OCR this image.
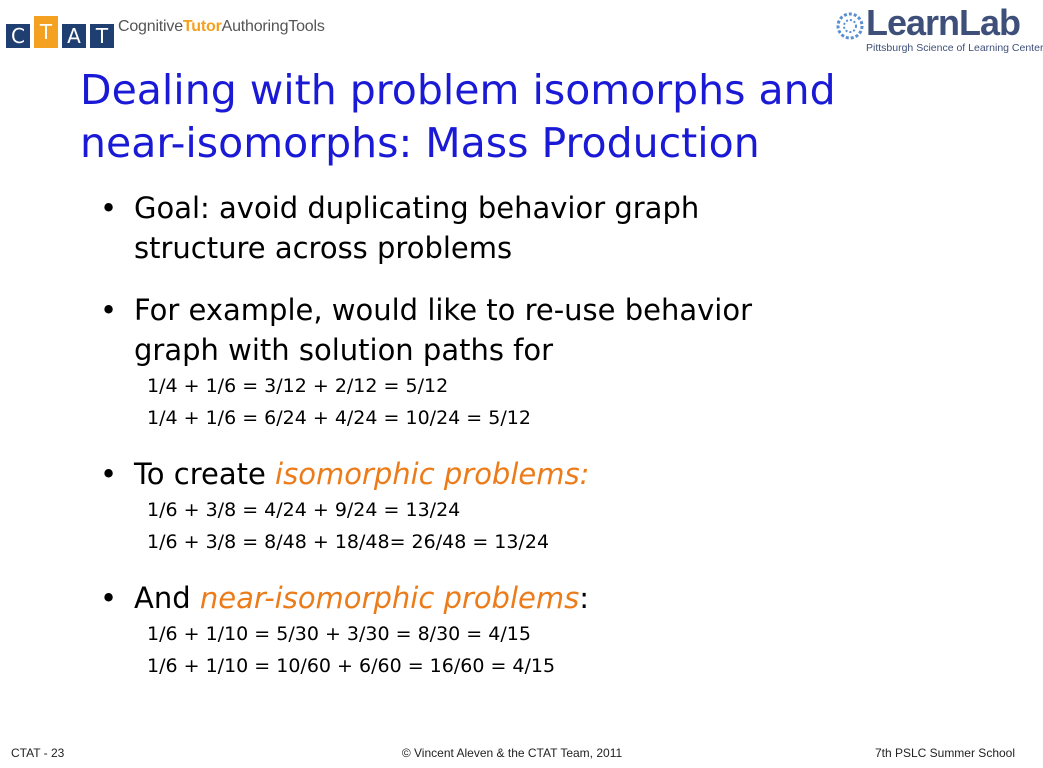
C T A T CognitiveTutorAuthoringTools	LearnLab
Pittsburgh Science of Learning Center
Dealing with problem isomorphs and
near-isomorphs: Mass Production
• Goal: avoid duplicating behavior graph
structure across problems
• For example, would like to re-use behavior
graph with solution paths for
1/4 + 1/6 = 3/12 + 2/12 = 5/12
1/4 + 1/6 = 6/24 + 4/24 = 10/24 = 5/12
• To create isomorphic problems:
1/6 + 3/8 = 4/24 + 9/24 = 13/24
1/6 + 3/8 = 8/48 + 18/48= 26/48 = 13/24
• And near-isomorphic problems:
1/6 + 1/10 = 5/30 + 3/30 = 8/30 = 4/15
1/6 + 1/10 = 10/60 + 6/60 = 16/60 = 4/15
CTAT - 23	© Vincent Aleven & the CTAT Team, 2011	7th PSLC Summer School
